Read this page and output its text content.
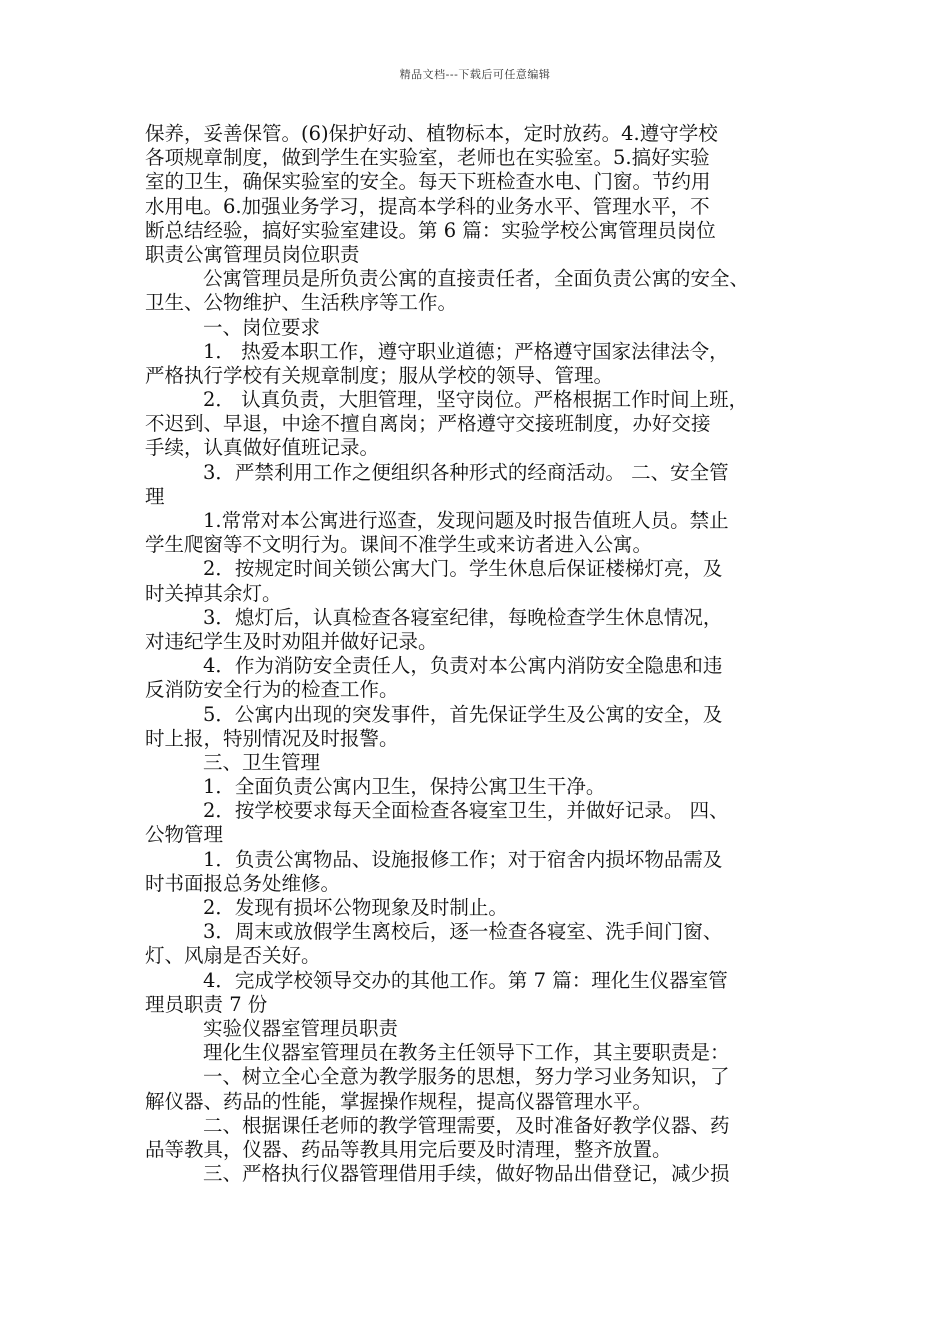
精品文档---下载后可任意编辑
保养，妥善保管。(6)保护好动、植物标本，定时放药。4.遵守学校
各项规章制度，做到学生在实验室，老师也在实验室。5.搞好实验
室的卫生，确保实验室的安全。每天下班检查水电、门窗。节约用
水用电。6.加强业务学习，提高本学科的业务水平、管理水平，不
断总结经验，搞好实验室建设。第 6 篇：实验学校公寓管理员岗位
职责公寓管理员岗位职责
公寓管理员是所负责公寓的直接责任者，全面负责公寓的安全、
卫生、公物维护、生活秩序等工作。
一、岗位要求
1． 热爱本职工作，遵守职业道德；严格遵守国家法律法令，
严格执行学校有关规章制度；服从学校的领导、管理。
2． 认真负责，大胆管理，坚守岗位。严格根据工作时间上班，
不迟到、早退，中途不擅自离岗；严格遵守交接班制度，办好交接
手续，认真做好值班记录。
3．严禁利用工作之便组织各种形式的经商活动。 二、安全管
理
1.常常对本公寓进行巡查，发现问题及时报告值班人员。禁止
学生爬窗等不文明行为。课间不准学生或来访者进入公寓。
2．按规定时间关锁公寓大门。学生休息后保证楼梯灯亮，及
时关掉其余灯。
3．熄灯后，认真检查各寝室纪律，每晚检查学生休息情况，
对违纪学生及时劝阻并做好记录。
4．作为消防安全责任人，负责对本公寓内消防安全隐患和违
反消防安全行为的检查工作。
5．公寓内出现的突发事件，首先保证学生及公寓的安全，及
时上报，特别情况及时报警。
三、卫生管理
1．全面负责公寓内卫生，保持公寓卫生干净。
2．按学校要求每天全面检查各寝室卫生，并做好记录。 四、
公物管理
1．负责公寓物品、设施报修工作；对于宿舍内损坏物品需及
时书面报总务处维修。
2．发现有损坏公物现象及时制止。
3．周末或放假学生离校后，逐一检查各寝室、洗手间门窗、
灯、风扇是否关好。
4．完成学校领导交办的其他工作。第 7 篇：理化生仪器室管
理员职责 7 份
实验仪器室管理员职责
理化生仪器室管理员在教务主任领导下工作，其主要职责是：
一、树立全心全意为教学服务的思想，努力学习业务知识，了
解仪器、药品的性能，掌握操作规程，提高仪器管理水平。
二、根据课任老师的教学管理需要，及时准备好教学仪器、药
品等教具，仪器、药品等教具用完后要及时清理，整齐放置。
三、严格执行仪器管理借用手续，做好物品出借登记，减少损
